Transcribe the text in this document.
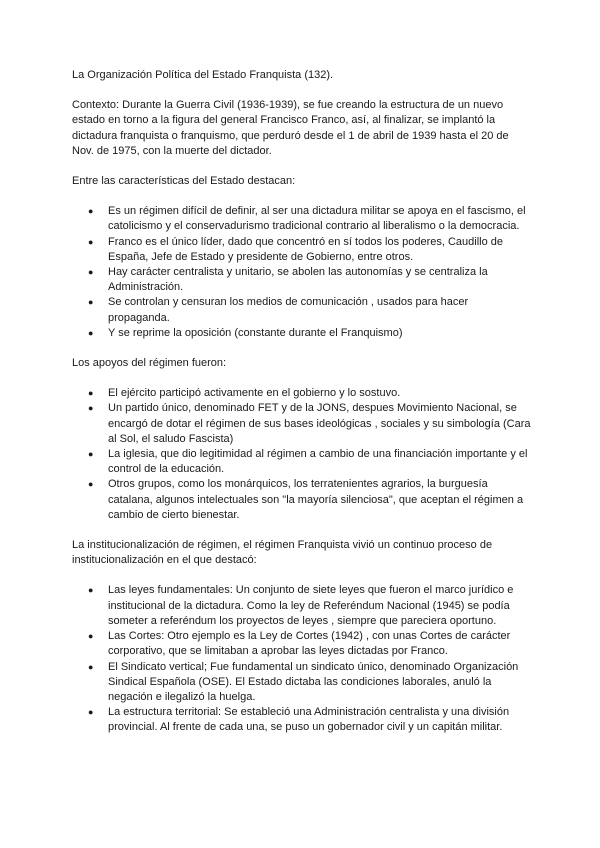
La Organización Política del Estado Franquista (132).

Contexto: Durante la Guerra Civil (1936-1939), se fue creando la estructura de un nuevo estado en torno a la figura del general Francisco Franco, así, al finalizar, se implantó la dictadura franquista o franquismo, que perduró desde el 1 de abril de 1939 hasta el 20 de Nov. de 1975, con la muerte del dictador.

Entre las características del Estado destacan:

● Es un régimen difícil de definir, al ser una dictadura militar se apoya en el fascismo, el catolicismo y el conservadurismo tradicional contrario al liberalismo o la democracia.
● Franco es el único líder, dado que concentró en sí todos los poderes, Caudillo de España, Jefe de Estado y presidente de Gobierno, entre otros.
● Hay carácter centralista y unitario, se abolen las autonomías y se centraliza la Administración.
● Se controlan y censuran los medios de comunicación , usados para hacer propaganda.
● Y se reprime la oposición (constante durante el Franquismo)

Los apoyos del régimen fueron:

● El ejército participó activamente en el gobierno y lo sostuvo.
● Un partido único, denominado FET y de la JONS, despues Movimiento Nacional, se encargó de dotar el régimen de sus bases ideológicas , sociales y su simbología (Cara al Sol, el saludo Fascista)
● La iglesia, que dio legitimidad al régimen a cambio de una financiación importante y el control de la educación.
● Otros grupos, como los monárquicos, los terratenientes agrarios, la burguesía catalana, algunos intelectuales son "la mayoría silenciosa", que aceptan el régimen a cambio de cierto bienestar.

La institucionalización de régimen, el régimen Franquista vivió un continuo proceso de institucionalización en el que destacó:

● Las leyes fundamentales: Un conjunto de siete leyes que fueron el marco jurídico e institucional de la dictadura. Como la ley de Referéndum Nacional (1945) se podía someter a referéndum los proyectos de leyes , siempre que pareciera oportuno.
● Las Cortes: Otro ejemplo es la Ley de Cortes (1942) , con unas Cortes de carácter corporativo, que se limitaban a aprobar las leyes dictadas por Franco.
● El Sindicato vertical; Fue fundamental un sindicato único, denominado Organización Sindical Española (OSE). El Estado dictaba las condiciones laborales, anuló la negación e ilegalizó la huelga.
● La estructura territorial: Se estableció una Administración centralista y una división provincial. Al frente de cada una, se puso un gobernador civil y un capitán militar.
